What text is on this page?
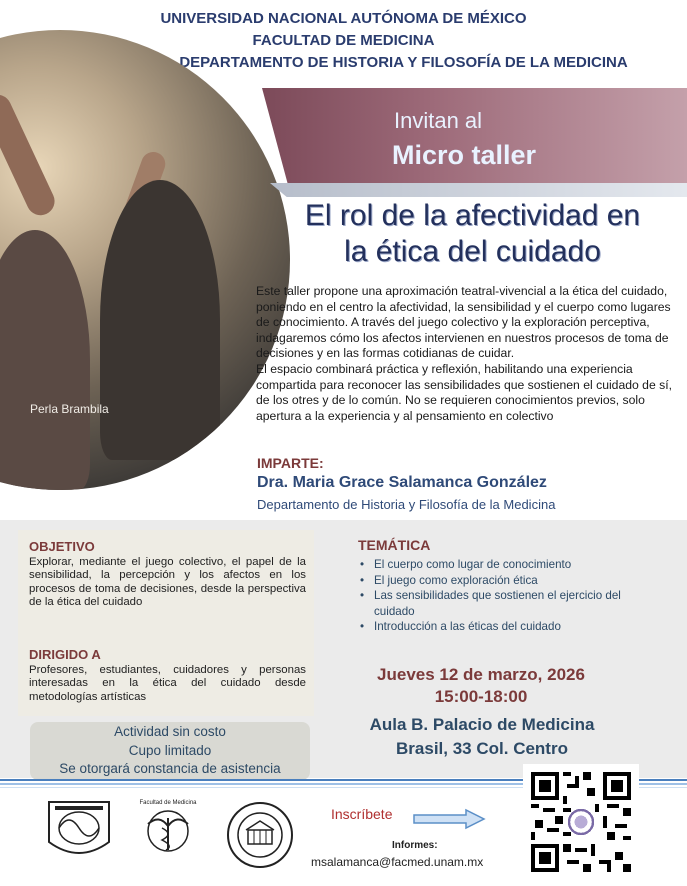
UNIVERSIDAD NACIONAL AUTÓNOMA DE MÉXICO
FACULTAD DE MEDICINA
DEPARTAMENTO DE HISTORIA Y FILOSOFÍA DE LA MEDICINA
Perla Brambila
Invitan al
Micro taller
El rol de la afectividad en
la ética del cuidado

Este taller propone una aproximación teatral-vivencial a la ética del cuidado, poniendo en el centro la afectividad, la sensibilidad y el cuerpo como lugares de conocimiento. A través del juego colectivo y la exploración perceptiva, indagaremos cómo los afectos intervienen en nuestros procesos de toma de decisiones y en las formas cotidianas de cuidar.

El espacio combinará práctica y reflexión, habilitando una experiencia compartida para reconocer las sensibilidades que sostienen el cuidado de sí, de los otres y de lo común. No se requieren conocimientos previos, solo apertura a la experiencia y al pensamiento en colectivo

IMPARTE:
Dra. Maria Grace Salamanca González
Departamento de Historia y Filosofía de la Medicina
OBJETIVO
Explorar, mediante el juego colectivo, el papel de la sensibilidad, la percepción y los afectos en los procesos de toma de decisiones, desde la perspectiva de la ética del cuidado
DIRIGIDO A
Profesores, estudiantes, cuidadores y personas interesadas en la ética del cuidado desde metodologías artísticas
Actividad sin costo
Cupo limitado
Se otorgará constancia de asistencia
TEMÁTICA
• El cuerpo como lugar de conocimiento
• El juego como exploración ética
• Las sensibilidades que sostienen el ejercicio del cuidado
• Introducción a las éticas del cuidado
Jueves 12 de marzo, 2026
15:00-18:00
Aula B. Palacio de Medicina
Brasil, 33 Col. Centro
Facultad de Medicina
Inscríbete
Informes:
msalamanca@facmed.unam.mx
